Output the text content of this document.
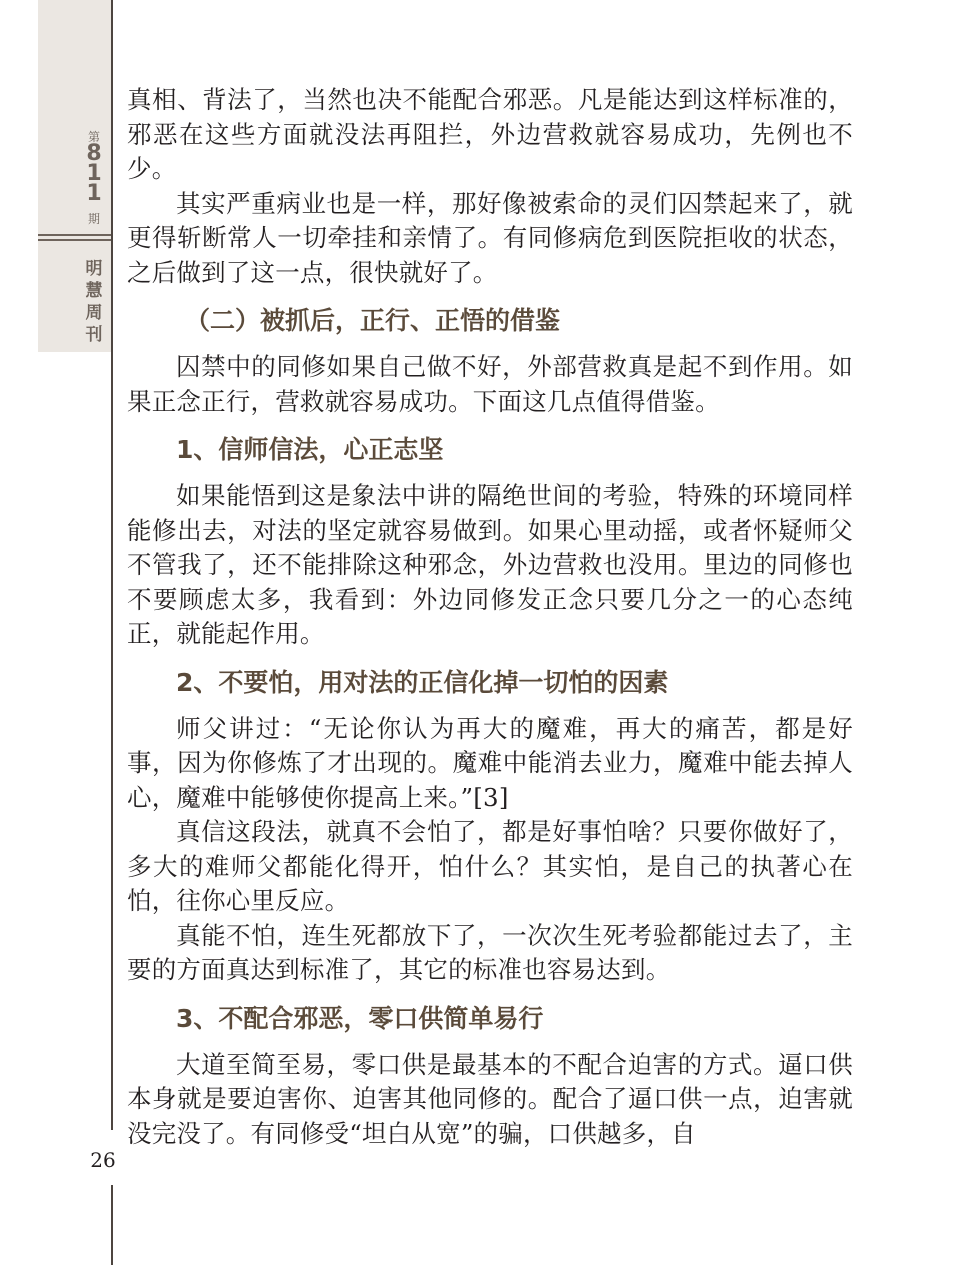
第
8
1
1
期
明
慧
周
刊
26

真相、背法了，当然也决不能配合邪恶。凡是能达到这样标准的，邪恶在这些方面就没法再阻拦，外边营救就容易成功，先例也不少。

其实严重病业也是一样，那好像被索命的灵们囚禁起来了，就更得斩断常人一切牵挂和亲情了。有同修病危到医院拒收的状态，之后做到了这一点，很快就好了。

（二）被抓后，正行、正悟的借鉴

囚禁中的同修如果自己做不好，外部营救真是起不到作用。如果正念正行，营救就容易成功。下面这几点值得借鉴。

1、信师信法，心正志坚

如果能悟到这是象法中讲的隔绝世间的考验，特殊的环境同样能修出去，对法的坚定就容易做到。如果心里动摇，或者怀疑师父不管我了，还不能排除这种邪念，外边营救也没用。里边的同修也不要顾虑太多，我看到：外边同修发正念只要几分之一的心态纯正，就能起作用。

2、不要怕，用对法的正信化掉一切怕的因素

师父讲过：“无论你认为再大的魔难，再大的痛苦，都是好事，因为你修炼了才出现的。魔难中能消去业力，魔难中能去掉人心，魔难中能够使你提高上来。”[3]

真信这段法，就真不会怕了，都是好事怕啥？只要你做好了，多大的难师父都能化得开，怕什么？其实怕，是自己的执著心在怕，往你心里反应。

真能不怕，连生死都放下了，一次次生死考验都能过去了，主要的方面真达到标准了，其它的标准也容易达到。

3、不配合邪恶，零口供简单易行

大道至简至易，零口供是最基本的不配合迫害的方式。逼口供本身就是要迫害你、迫害其他同修的。配合了逼口供一点，迫害就没完没了。有同修受“坦白从宽”的骗，口供越多，自
